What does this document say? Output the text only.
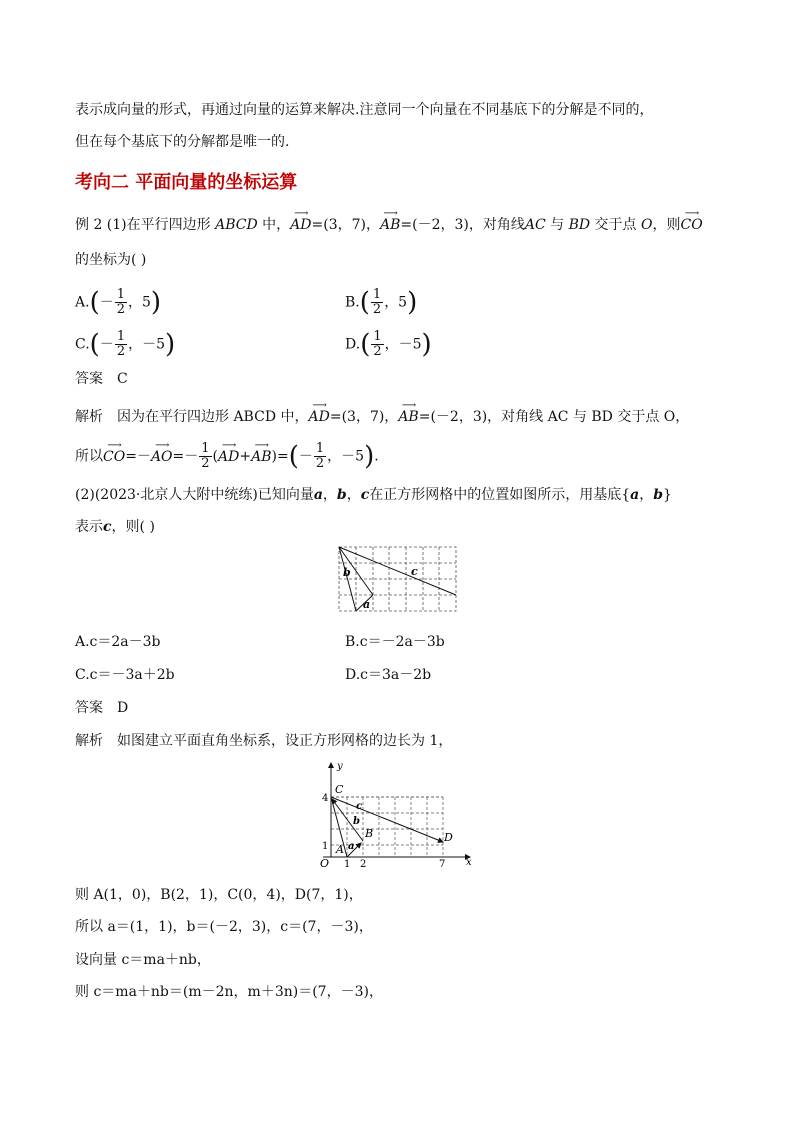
表示成向量的形式，再通过向量的运算来解决.注意同一个向量在不同基底下的分解是不同的，
但在每个基底下的分解都是唯一的.
考向二 平面向量的坐标运算
例 2 (1)在平行四边形 ABCD 中，⟶ AD=(3，7)，⟶ AB=(－2，3)，对角线AC 与 BD 交于点 O，则⟶ CO
的坐标为( )
$A.(- \frac{1}{2}$ ，5)	$B.( \frac{1}{2}$ ，5)
$C.(- \frac{1}{2}$ ，－5)	$D.( \frac{1}{2}$ ，－5)
答案 C
解析 因为在平行四边形 ABCD 中，⟶ AD=(3，7)，⟶ AB=(－2，3)，对角线 AC 与 BD 交于点 O，
所以⟶ CO=－⟶ $AO=- \frac{1}{2}$ (⟶ AD+⟶ $AB)=(- \frac{1}{2}$ ，－5).
(2)(2023·北京人大附中统练)已知向量a，b，c在正方形网格中的位置如图所示，用基底{a，b}
表示c，则( )
b	c
a
A.c＝2a－3b	B.c＝－2a－3b
C.c＝－3a＋2b	D.c＝3a－2b
答案 D
解析 如图建立平面直角坐标系，设正方形网格的边长为 1，
y
x
O
4
1
1 2	7
C
A
B	D
b
c
a
则 A(1，0)，B(2，1)，C(0，4)，D(7，1)，
所以 a＝(1，1)，b＝(－2，3)，c＝(7，－3)，
设向量 c＝ma＋nb，
则 c＝ma＋nb＝(m－2n，m＋3n)＝(7，－3)，
